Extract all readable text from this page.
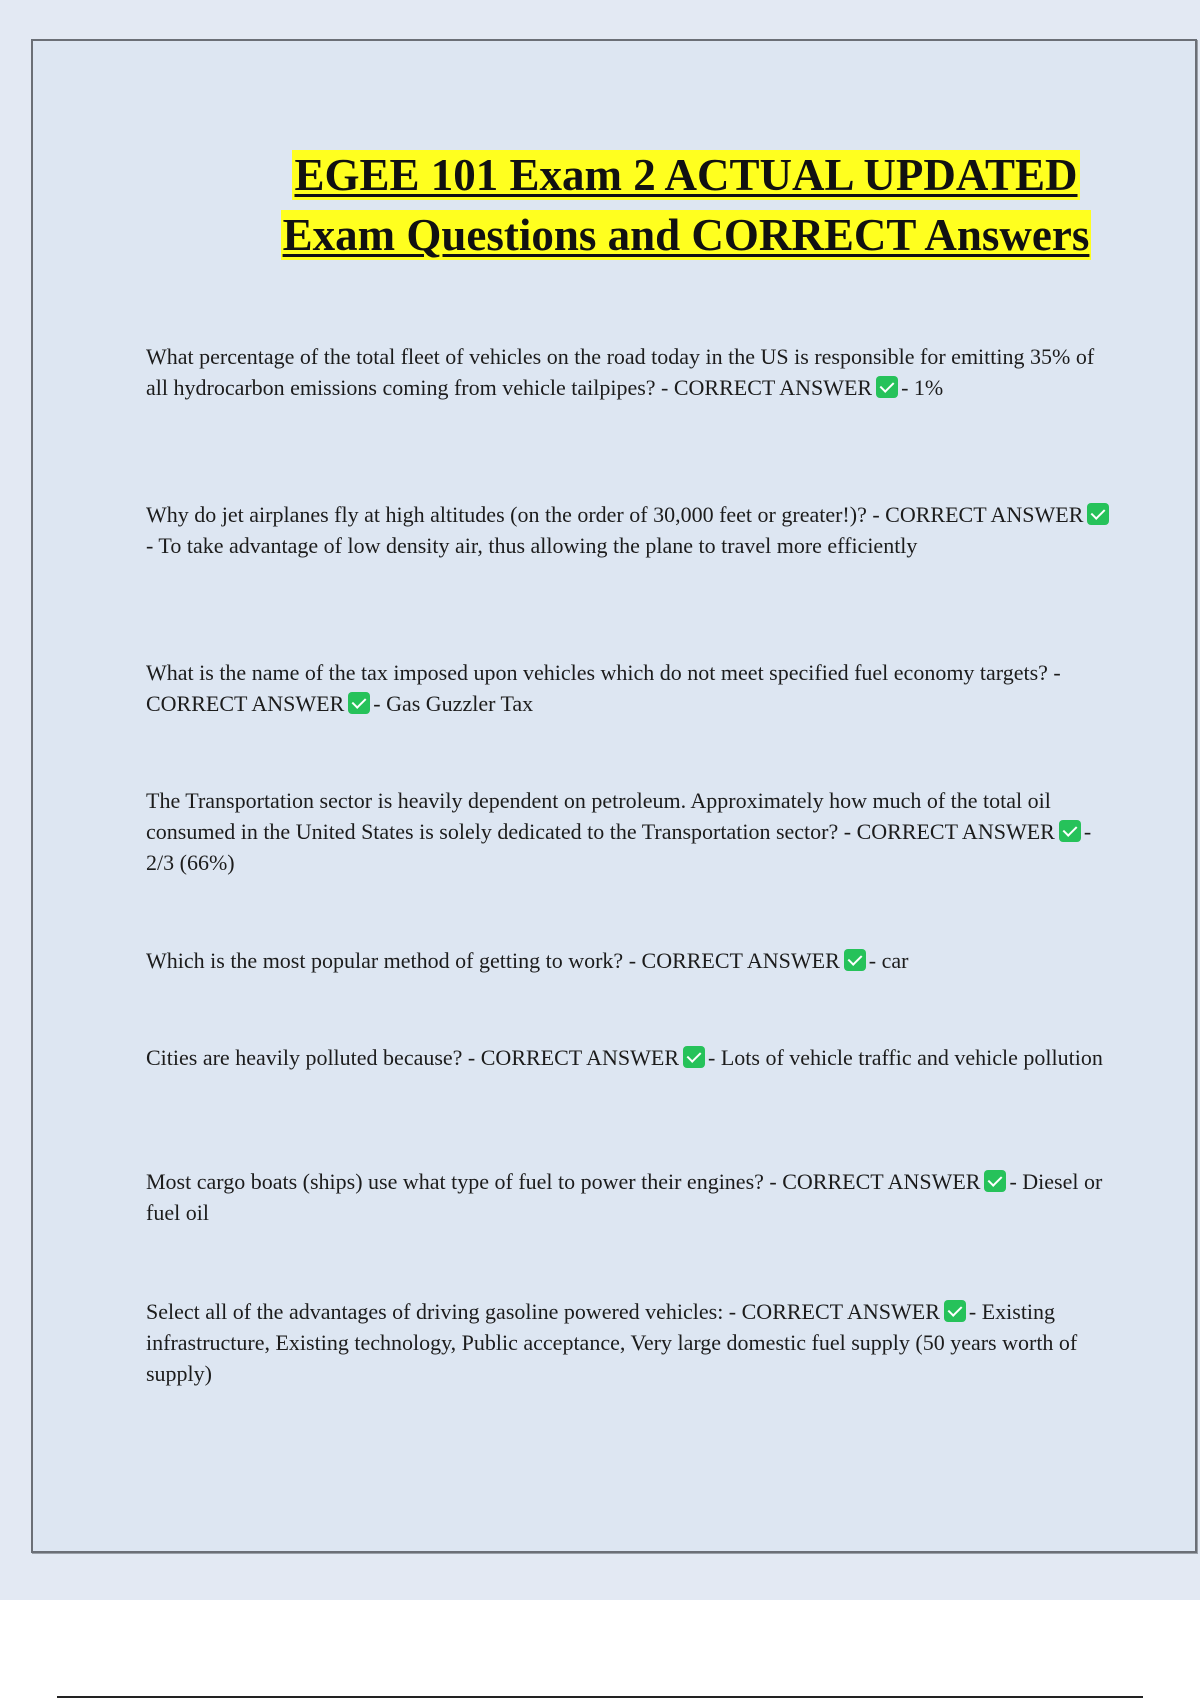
EGEE 101 Exam 2 ACTUAL UPDATED Exam Questions and CORRECT Answers

What percentage of the total fleet of vehicles on the road today in the US is responsible for emitting 35% of all hydrocarbon emissions coming from vehicle tailpipes? - CORRECT ANSWER - 1%

Why do jet airplanes fly at high altitudes (on the order of 30,000 feet or greater!)? - CORRECT ANSWER- To take advantage of low density air, thus allowing the plane to travel more efficiently

What is the name of the tax imposed upon vehicles which do not meet specified fuel economy targets? - CORRECT ANSWER - Gas Guzzler Tax

The Transportation sector is heavily dependent on petroleum. Approximately how much of the total oil consumed in the United States is solely dedicated to the Transportation sector? - CORRECT ANSWER - 2/3 (66%)

Which is the most popular method of getting to work? - CORRECT ANSWER - car

Cities are heavily polluted because? - CORRECT ANSWER - Lots of vehicle traffic and vehicle pollution

Most cargo boats (ships) use what type of fuel to power their engines? - CORRECT ANSWER - Diesel or fuel oil

Select all of the advantages of driving gasoline powered vehicles: - CORRECT ANSWER - Existing infrastructure, Existing technology, Public acceptance, Very large domestic fuel supply (50 years worth of supply)
